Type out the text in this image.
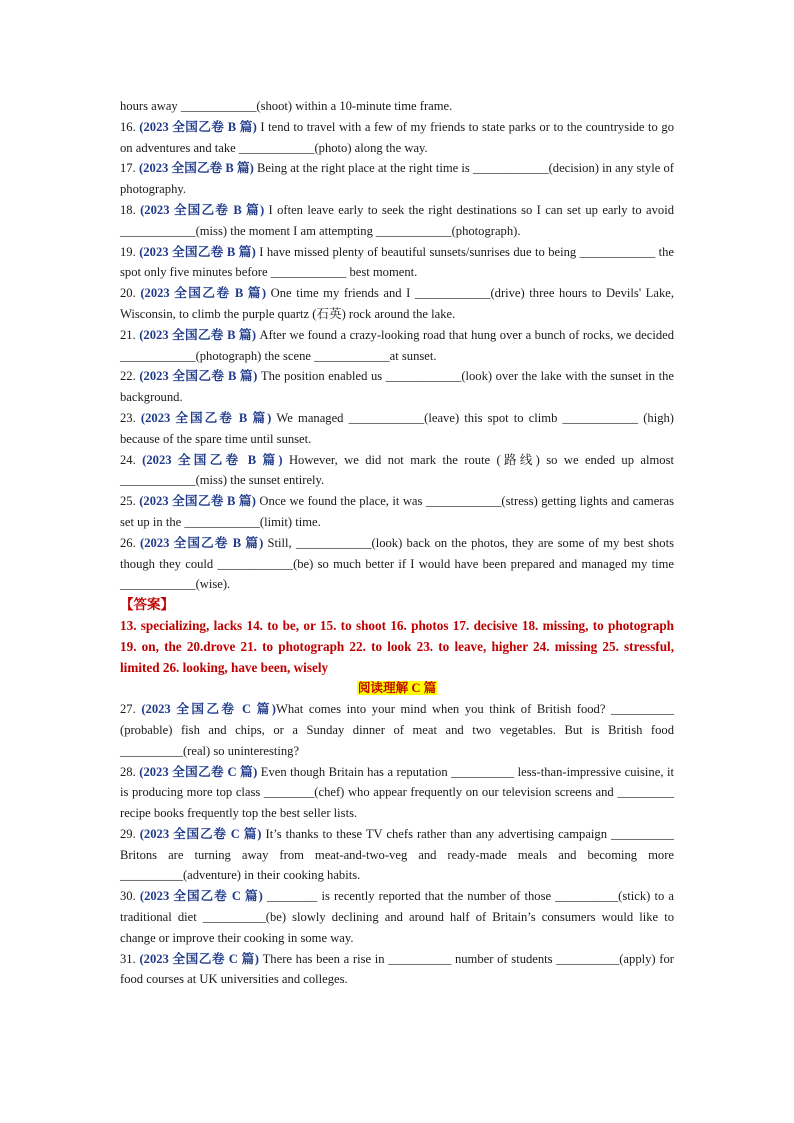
hours away ____________(shoot) within a 10-minute time frame.
16. (2023 全国乙卷 B 篇) I tend to travel with a few of my friends to state parks or to the countryside to go on adventures and take ____________(photo) along the way.
17. (2023 全国乙卷 B 篇) Being at the right place at the right time is ____________(decision) in any style of photography.
18. (2023 全国乙卷 B 篇) I often leave early to seek the right destinations so I can set up early to avoid ____________(miss) the moment I am attempting ____________(photograph).
19. (2023 全国乙卷 B 篇) I have missed plenty of beautiful sunsets/sunrises due to being ____________ the spot only five minutes before ____________ best moment.
20. (2023 全国乙卷 B 篇) One time my friends and I ____________(drive) three hours to Devils' Lake, Wisconsin, to climb the purple quartz (石英) rock around the lake.
21. (2023 全国乙卷 B 篇) After we found a crazy-looking road that hung over a bunch of rocks, we decided ____________(photograph) the scene ____________at sunset.
22. (2023 全国乙卷 B 篇) The position enabled us ____________(look) over the lake with the sunset in the background.
23. (2023 全国乙卷 B 篇) We managed ____________(leave) this spot to climb ____________ (high) because of the spare time until sunset.
24. (2023 全国乙卷 B 篇) However, we did not mark the route (路线) so we ended up almost ____________(miss) the sunset entirely.
25. (2023 全国乙卷 B 篇) Once we found the place, it was ____________(stress) getting lights and cameras set up in the ____________(limit) time.
26. (2023 全国乙卷 B 篇) Still, ____________(look) back on the photos, they are some of my best shots though they could ____________(be) so much better if I would have been prepared and managed my time ____________(wise).
【答案】
13. specializing, lacks 14. to be, or 15. to shoot 16. photos 17. decisive 18. missing, to photograph 19. on, the 20.drove 21. to photograph 22. to look 23. to leave, higher 24. missing 25. stressful, limited 26. looking, have been, wisely
阅读理解 C 篇
27. (2023 全国乙卷 C 篇)What comes into your mind when you think of British food? __________ (probable) fish and chips, or a Sunday dinner of meat and two vegetables. But is British food __________(real) so uninteresting?
28. (2023 全国乙卷 C 篇) Even though Britain has a reputation __________ less-than-impressive cuisine, it is producing more top class ________(chef) who appear frequently on our television screens and _________ recipe books frequently top the best seller lists.
29. (2023 全国乙卷 C 篇) It’s thanks to these TV chefs rather than any advertising campaign __________ Britons are turning away from meat-and-two-veg and ready-made meals and becoming more __________(adventure) in their cooking habits.
30. (2023 全国乙卷 C 篇) ________ is recently reported that the number of those __________(stick) to a traditional diet __________(be) slowly declining and around half of Britain’s consumers would like to change or improve their cooking in some way.
31. (2023 全国乙卷 C 篇) There has been a rise in __________ number of students __________(apply) for food courses at UK universities and colleges.
